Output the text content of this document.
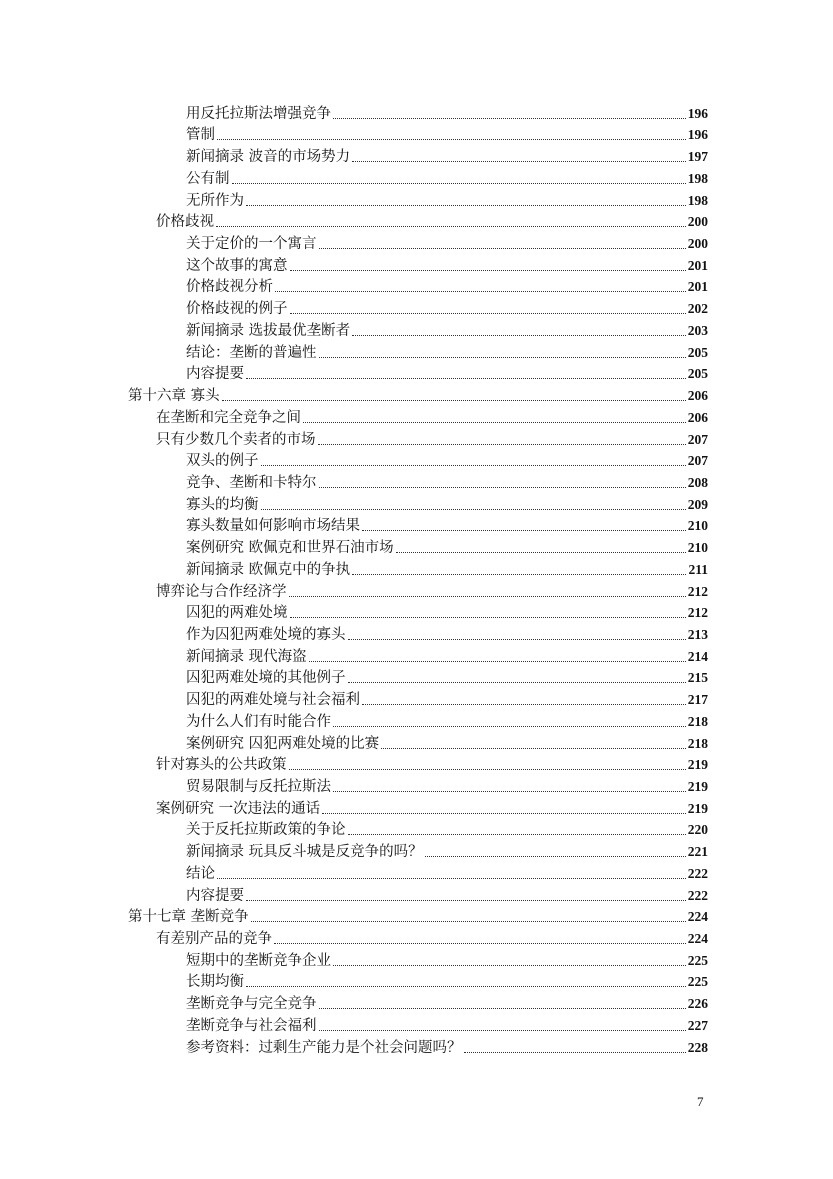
用反托拉斯法增强竞争	196
管制	196
新闻摘录 波音的市场势力	197
公有制	198
无所作为	198
价格歧视	200
关于定价的一个寓言	200
这个故事的寓意	201
价格歧视分析	201
价格歧视的例子	202
新闻摘录 选拔最优垄断者	203
结论：垄断的普遍性	205
内容提要	205
第十六章 寡头	206
在垄断和完全竞争之间	206
只有少数几个卖者的市场	207
双头的例子	207
竞争、垄断和卡特尔	208
寡头的均衡	209
寡头数量如何影响市场结果	210
案例研究 欧佩克和世界石油市场	210
新闻摘录 欧佩克中的争执	211
博弈论与合作经济学	212
囚犯的两难处境	212
作为囚犯两难处境的寡头	213
新闻摘录 现代海盗	214
囚犯两难处境的其他例子	215
囚犯的两难处境与社会福利	217
为什么人们有时能合作	218
案例研究 囚犯两难处境的比赛	218
针对寡头的公共政策	219
贸易限制与反托拉斯法	219
案例研究 一次违法的通话	219
关于反托拉斯政策的争论	220
新闻摘录 玩具反斗城是反竞争的吗？	221
结论	222
内容提要	222
第十七章 垄断竞争	224
有差别产品的竞争	224
短期中的垄断竞争企业	225
长期均衡	225
垄断竞争与完全竞争	226
垄断竞争与社会福利	227
参考资料：过剩生产能力是个社会问题吗？	228
7
